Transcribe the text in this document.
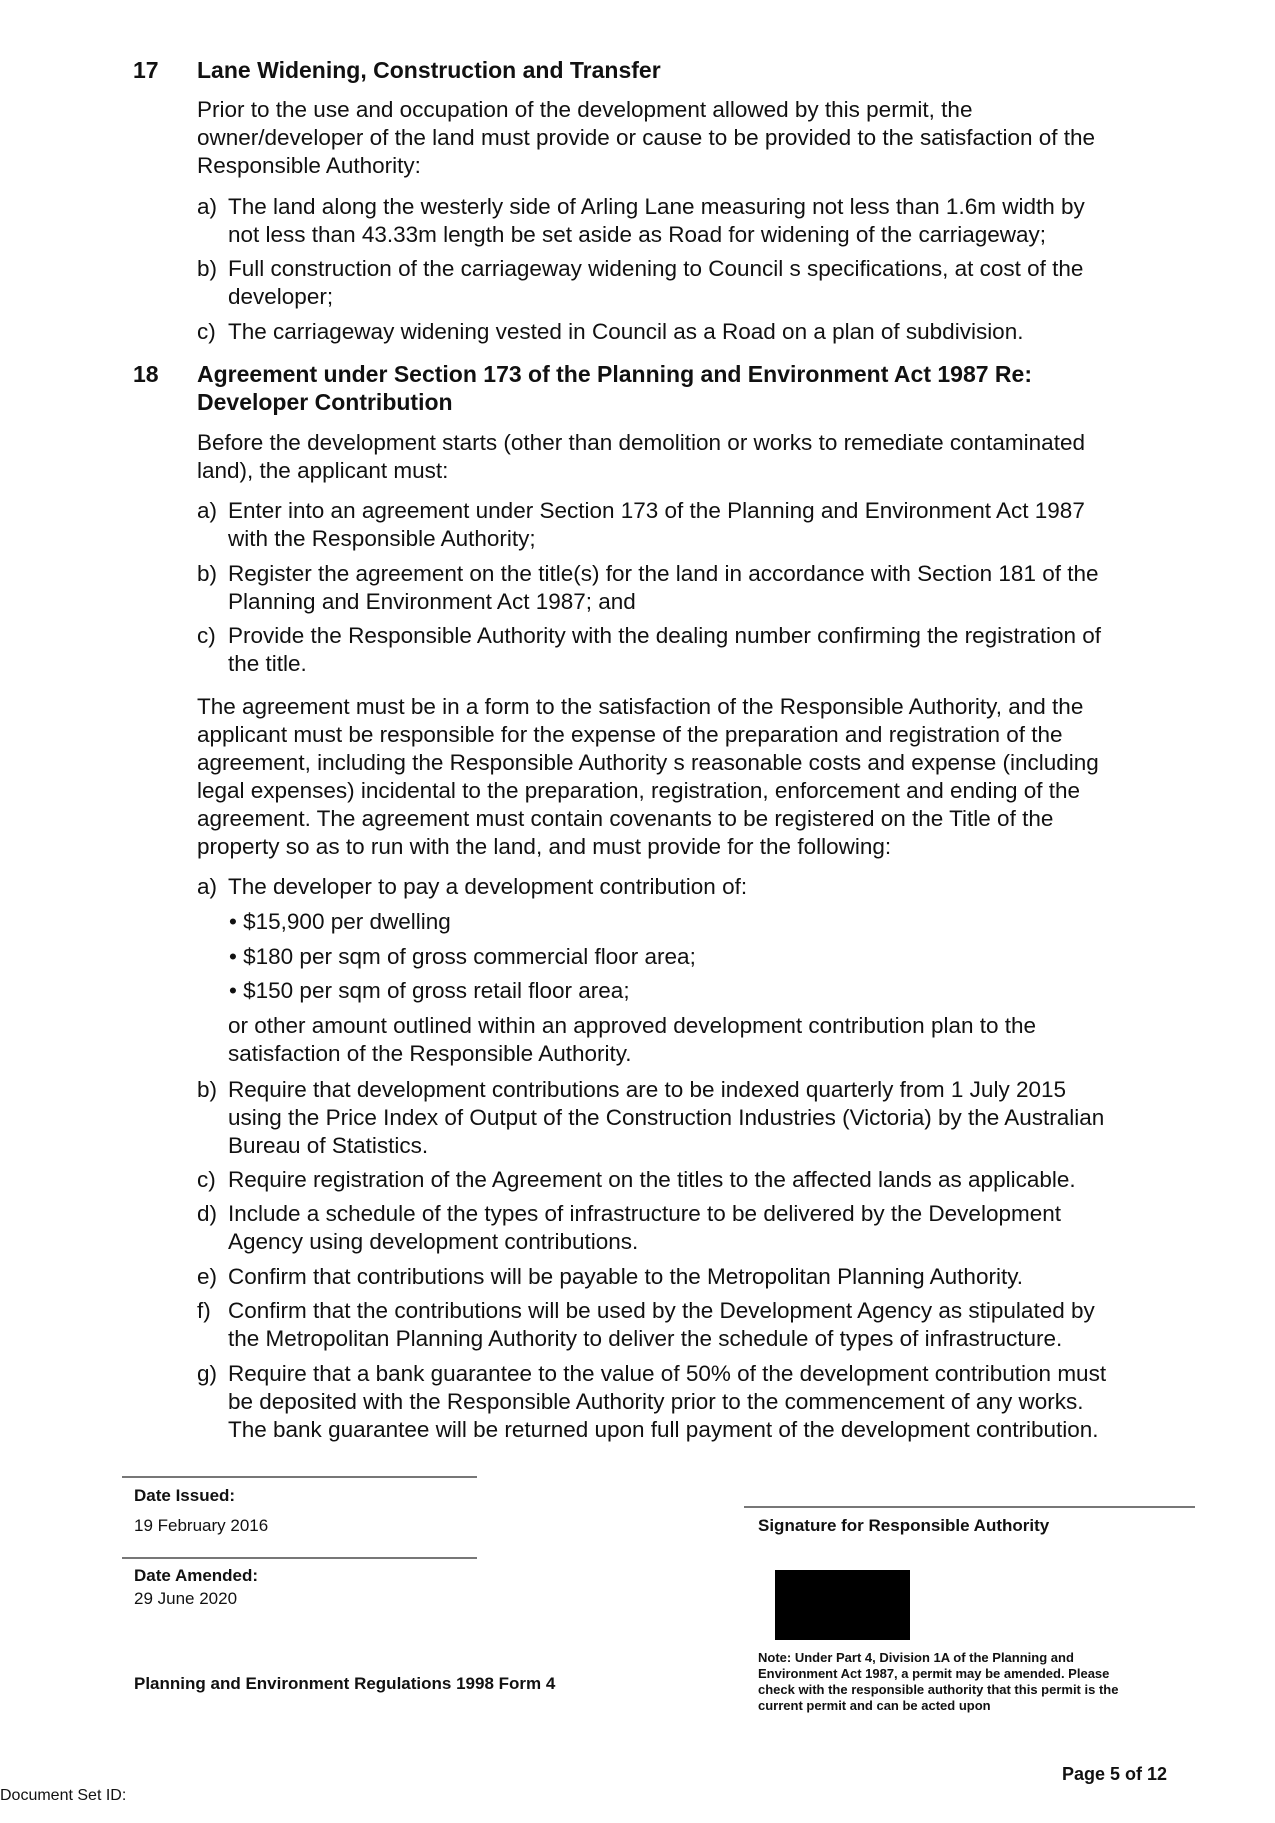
17 Lane Widening, Construction and Transfer
Prior to the use and occupation of the development allowed by this permit, the
owner/developer of the land must provide or cause to be provided to the satisfaction of the
Responsible Authority:
a) The land along the westerly side of Arling Lane measuring not less than 1.6m width by
not less than 43.33m length be set aside as Road for widening of the carriageway;
b) Full construction of the carriageway widening to Council s specifications, at cost of the
developer;
c) The carriageway widening vested in Council as a Road on a plan of subdivision.
18 Agreement under Section 173 of the Planning and Environment Act 1987 Re:
Developer Contribution
Before the development starts (other than demolition or works to remediate contaminated
land), the applicant must:
a) Enter into an agreement under Section 173 of the Planning and Environment Act 1987
with the Responsible Authority;
b) Register the agreement on the title(s) for the land in accordance with Section 181 of the
Planning and Environment Act 1987; and
c) Provide the Responsible Authority with the dealing number confirming the registration of
the title.
The agreement must be in a form to the satisfaction of the Responsible Authority, and the
applicant must be responsible for the expense of the preparation and registration of the
agreement, including the Responsible Authority s reasonable costs and expense (including
legal expenses) incidental to the preparation, registration, enforcement and ending of the
agreement. The agreement must contain covenants to be registered on the Title of the
property so as to run with the land, and must provide for the following:
a) The developer to pay a development contribution of:
• $15,900 per dwelling
• $180 per sqm of gross commercial floor area;
• $150 per sqm of gross retail floor area;
or other amount outlined within an approved development contribution plan to the
satisfaction of the Responsible Authority.
b) Require that development contributions are to be indexed quarterly from 1 July 2015
using the Price Index of Output of the Construction Industries (Victoria) by the Australian
Bureau of Statistics.
c) Require registration of the Agreement on the titles to the affected lands as applicable.
d) Include a schedule of the types of infrastructure to be delivered by the Development
Agency using development contributions.
e) Confirm that contributions will be payable to the Metropolitan Planning Authority.
f) Confirm that the contributions will be used by the Development Agency as stipulated by
the Metropolitan Planning Authority to deliver the schedule of types of infrastructure.
g) Require that a bank guarantee to the value of 50% of the development contribution must
be deposited with the Responsible Authority prior to the commencement of any works.
The bank guarantee will be returned upon full payment of the development contribution.
Date Issued:
19 February 2016
Date Amended:
29 June 2020
Planning and Environment Regulations 1998 Form 4
Signature for Responsible Authority
Note: Under Part 4, Division 1A of the Planning and
Environment Act 1987, a permit may be amended. Please
check with the responsible authority that this permit is the
current permit and can be acted upon
Page 5 of 12
Document Set ID:
